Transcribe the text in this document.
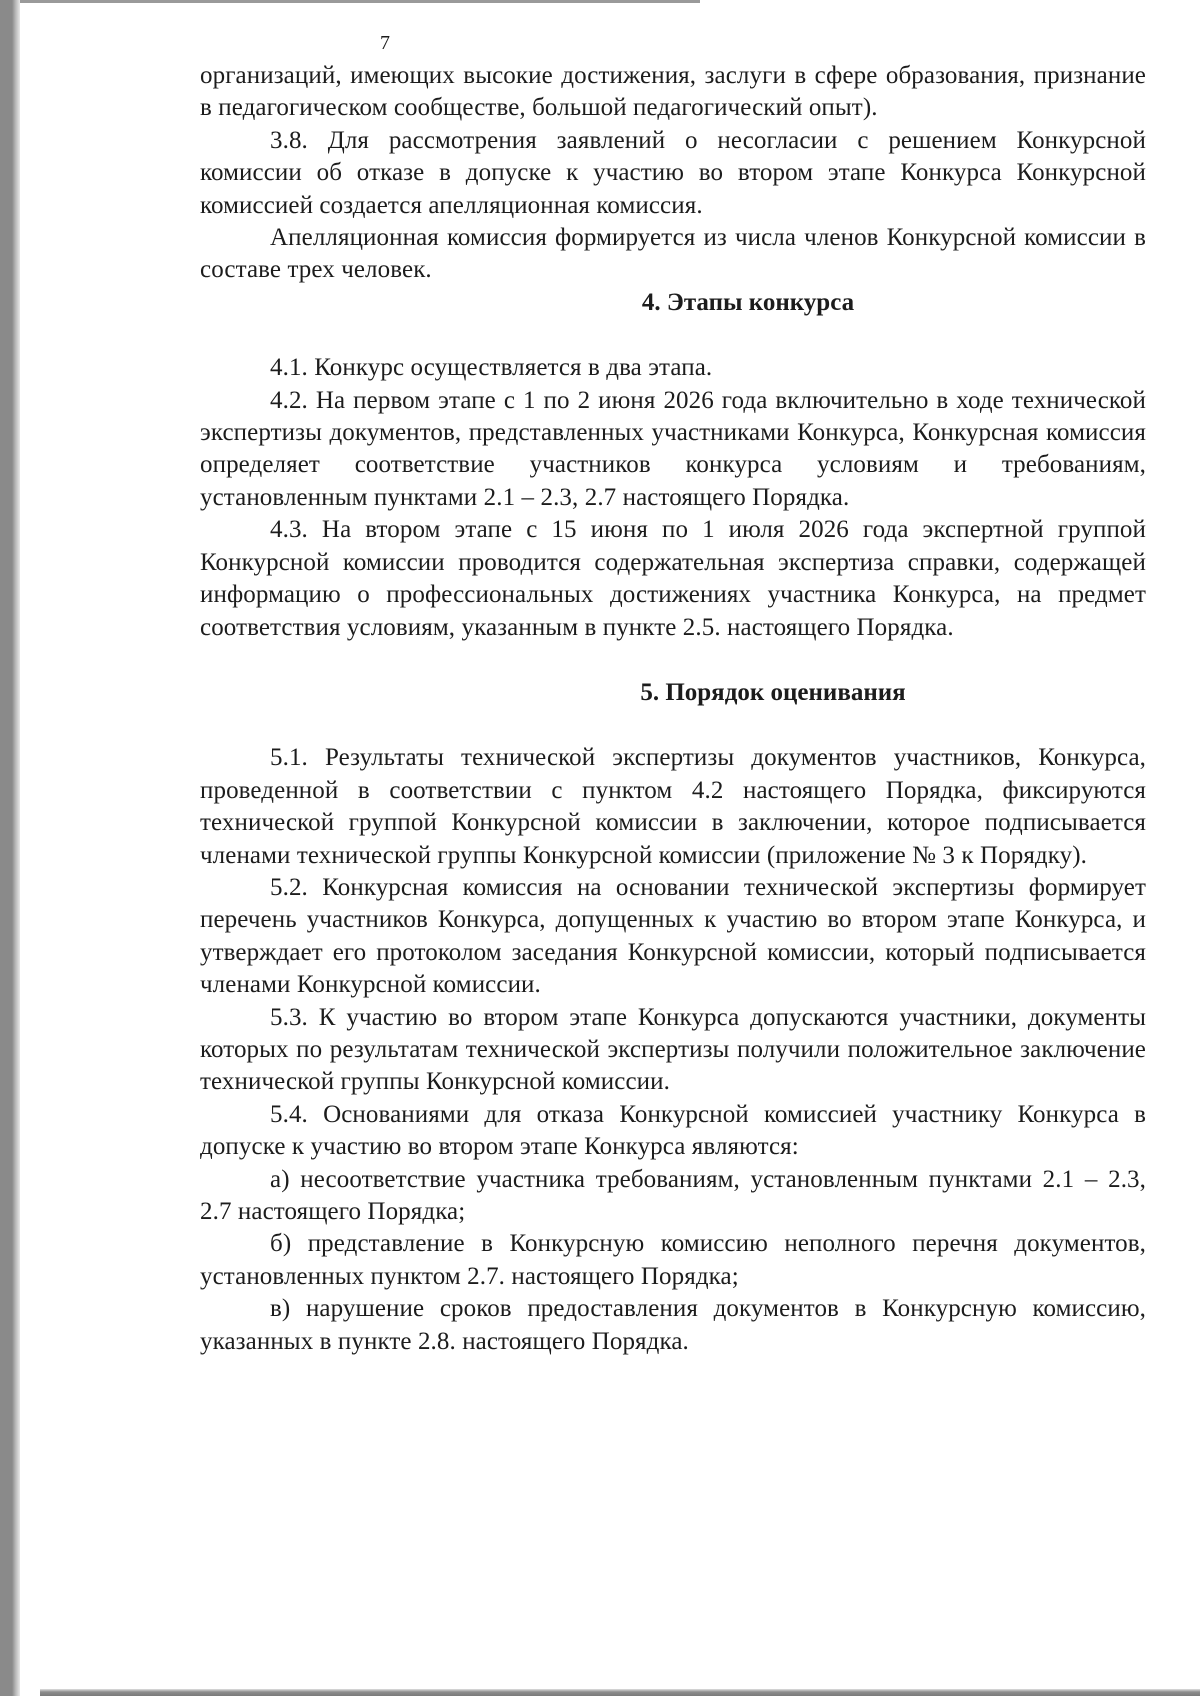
7

организаций, имеющих высокие достижения, заслуги в сфере образования, признание в педагогическом сообществе, большой педагогический опыт).

3.8. Для рассмотрения заявлений о несогласии с решением Конкурсной комиссии об отказе в допуске к участию во втором этапе Конкурса Конкурсной комиссией создается апелляционная комиссия.

Апелляционная комиссия формируется из числа членов Конкурсной комиссии в составе трех человек.

4. Этапы конкурса

4.1. Конкурс осуществляется в два этапа.

4.2. На первом этапе с 1 по 2 июня 2026 года включительно в ходе технической экспертизы документов, представленных участниками Конкурса, Конкурсная комиссия определяет соответствие участников конкурса условиям и требованиям, установленным пунктами 2.1 – 2.3, 2.7 настоящего Порядка.

4.3. На втором этапе с 15 июня по 1 июля 2026 года экспертной группой Конкурсной комиссии проводится содержательная экспертиза справки, содержащей информацию о профессиональных достижениях участника Конкурса, на предмет соответствия условиям, указанным в пункте 2.5. настоящего Порядка.

5. Порядок оценивания

5.1. Результаты технической экспертизы документов участников, Конкурса, проведенной в соответствии с пунктом 4.2 настоящего Порядка, фиксируются технической группой Конкурсной комиссии в заключении, которое подписывается членами технической группы Конкурсной комиссии (приложение № 3 к Порядку).

5.2. Конкурсная комиссия на основании технической экспертизы формирует перечень участников Конкурса, допущенных к участию во втором этапе Конкурса, и утверждает его протоколом заседания Конкурсной комиссии, который подписывается членами Конкурсной комиссии.

5.3. К участию во втором этапе Конкурса допускаются участники, документы которых по результатам технической экспертизы получили положительное заключение технической группы Конкурсной комиссии.

5.4. Основаниями для отказа Конкурсной комиссией участнику Конкурса в допуске к участию во втором этапе Конкурса являются:

а) несоответствие участника требованиям, установленным пунктами 2.1 – 2.3, 2.7 настоящего Порядка;

б) представление в Конкурсную комиссию неполного перечня документов, установленных пунктом 2.7. настоящего Порядка;

в) нарушение сроков предоставления документов в Конкурсную комиссию, указанных в пункте 2.8. настоящего Порядка.
